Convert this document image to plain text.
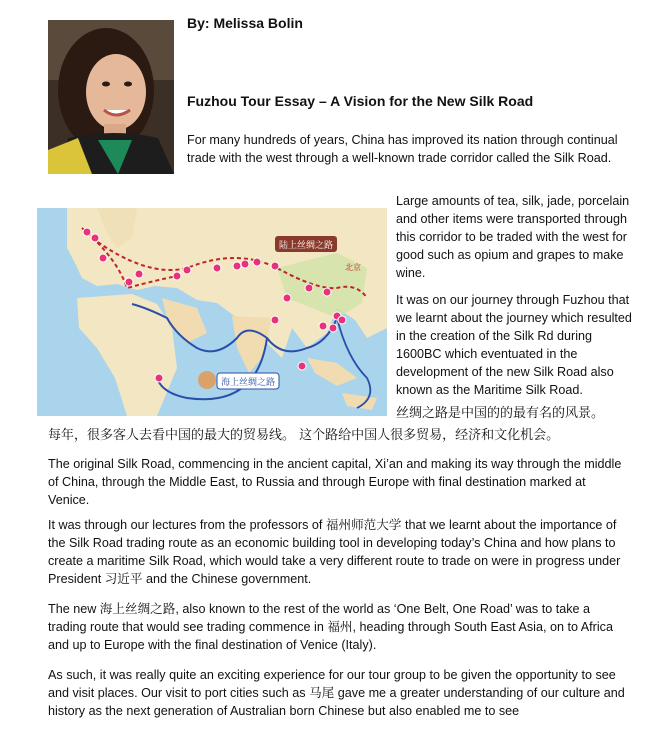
By: Melissa Bolin
Fuzhou Tour Essay – A Vision for the New Silk Road

For many hundreds of years, China has improved its nation through continual trade with the west through a well-known trade corridor called the Silk Road.

陆上丝绸之路
海上丝绸之路
北京

Large amounts of tea, silk, jade, porcelain and other items were transported through this corridor to be traded with the west for good such as opium and grapes to make wine.

It was on our journey through Fuzhou that we learnt about the journey which resulted in the creation of the Silk Rd during 1600BC which eventuated in the development of the new Silk Road also known as the Maritime Silk Road.

丝绸之路是中国的的最有名的风景。
每年，很多客人去看中国的最大的贸易线。 这个路给中国人很多贸易，经济和文化机会。

The original Silk Road, commencing in the ancient capital, Xi’an and making its way through the middle of China, through the Middle East, to Russia and through Europe with final destination marked at Venice.

It was through our lectures from the professors of 福州师范大学 that we learnt about the importance of the Silk Road trading route as an economic building tool in developing today’s China and how plans to create a maritime Silk Road, which would take a very different route to trade on were in progress under President 习近平 and the Chinese government.

The new 海上丝绸之路, also known to the rest of the world as ‘One Belt, One Road’ was to take a trading route that would see trading commence in 福州, heading through South East Asia, on to Africa and up to Europe with the final destination of Venice (Italy).

As such, it was really quite an exciting experience for our tour group to be given the opportunity to see and visit places. Our visit to port cities such as 马尾 gave me a greater understanding of our culture and history as the next generation of Australian born Chinese but also enabled me to see
